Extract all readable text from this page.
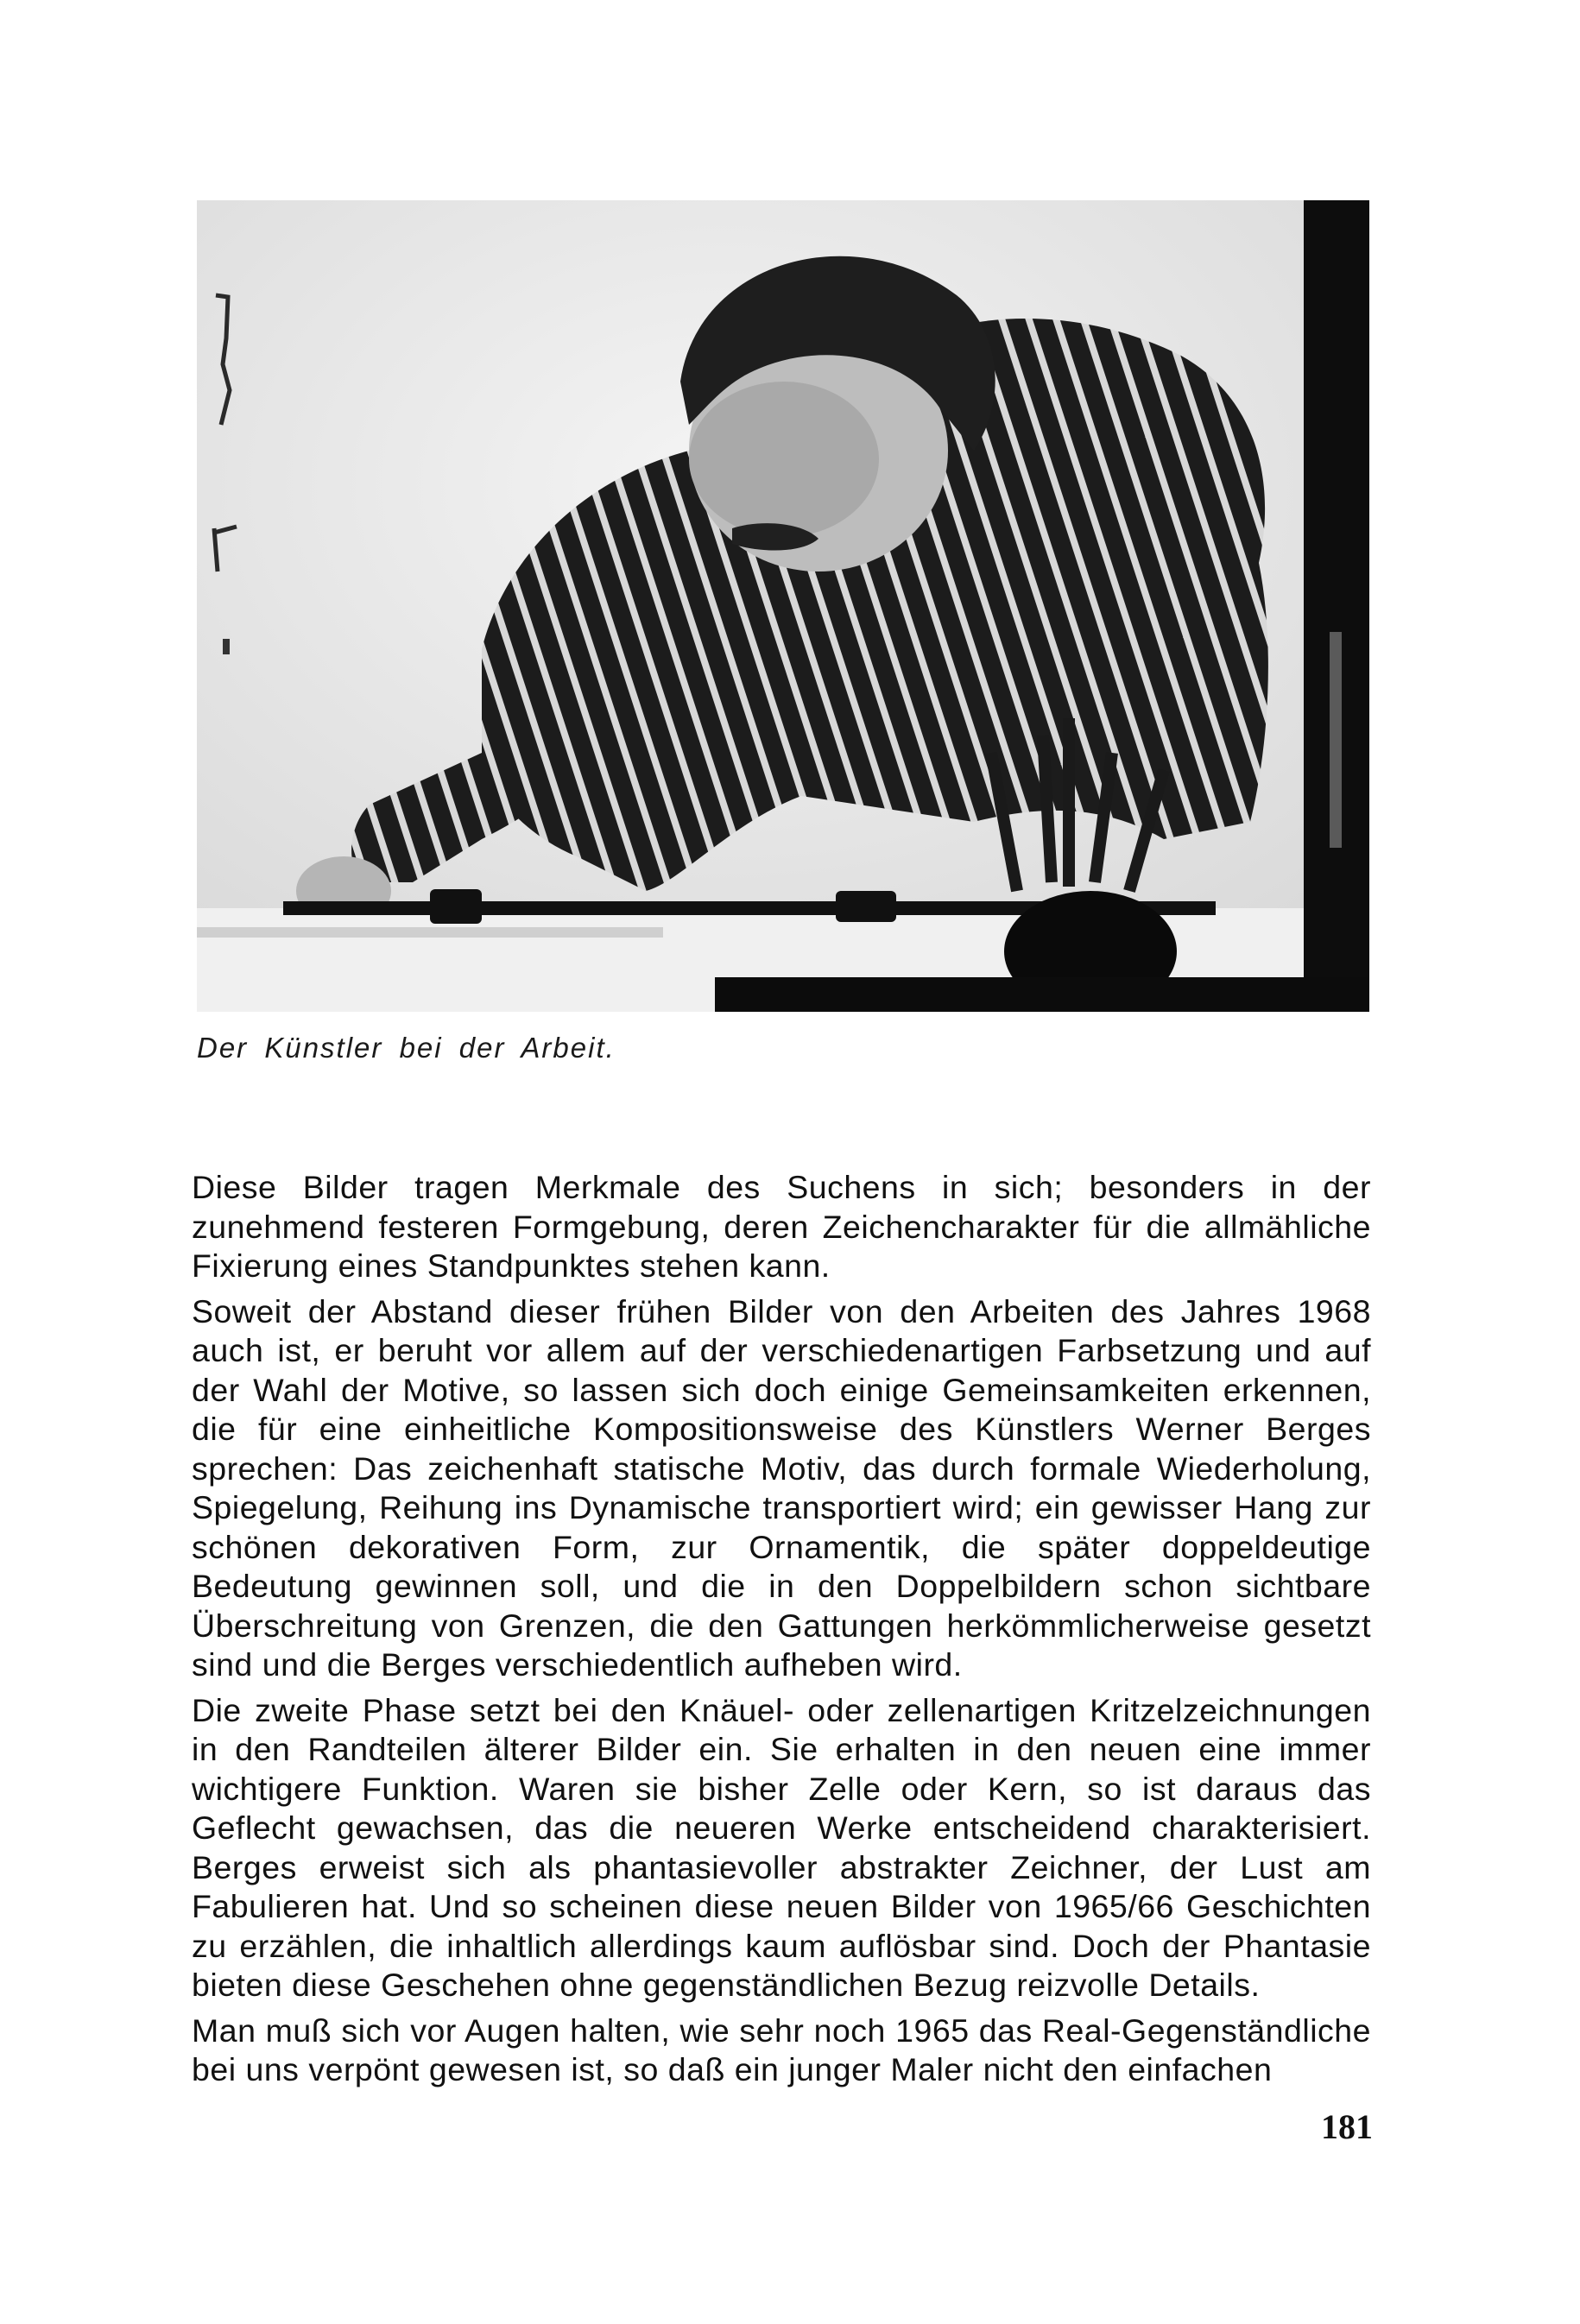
Der Künstler bei der Arbeit.

Diese Bilder tragen Merkmale des Suchens in sich; besonders in der zunehmend festeren Formgebung, deren Zeichencharakter für die allmähliche Fixierung eines Standpunktes stehen kann.

Soweit der Abstand dieser frühen Bilder von den Arbeiten des Jahres 1968 auch ist, er beruht vor allem auf der verschiedenartigen Farbsetzung und auf der Wahl der Motive, so lassen sich doch einige Gemeinsamkeiten erkennen, die für eine einheitliche Kompositionsweise des Künstlers Werner Berges sprechen: Das zeichenhaft statische Motiv, das durch formale Wiederholung, Spiegelung, Reihung ins Dynamische transportiert wird; ein gewisser Hang zur schönen dekorativen Form, zur Ornamentik, die später doppeldeutige Bedeutung gewinnen soll, und die in den Doppelbildern schon sichtbare Überschreitung von Grenzen, die den Gattungen herkömmlicherweise gesetzt sind und die Berges verschiedentlich aufheben wird.

Die zweite Phase setzt bei den Knäuel- oder zellenartigen Kritzelzeichnungen in den Randteilen älterer Bilder ein. Sie erhalten in den neuen eine immer wichtigere Funktion. Waren sie bisher Zelle oder Kern, so ist daraus das Geflecht gewachsen, das die neueren Werke entscheidend charakterisiert. Berges erweist sich als phantasievoller abstrakter Zeichner, der Lust am Fabulieren hat. Und so scheinen diese neuen Bilder von 1965/66 Geschichten zu erzählen, die inhaltlich allerdings kaum auflösbar sind. Doch der Phantasie bieten diese Geschehen ohne gegenständlichen Bezug reizvolle Details.

Man muß sich vor Augen halten, wie sehr noch 1965 das Real-Gegenständliche bei uns verpönt gewesen ist, so daß ein junger Maler nicht den einfachen

181
